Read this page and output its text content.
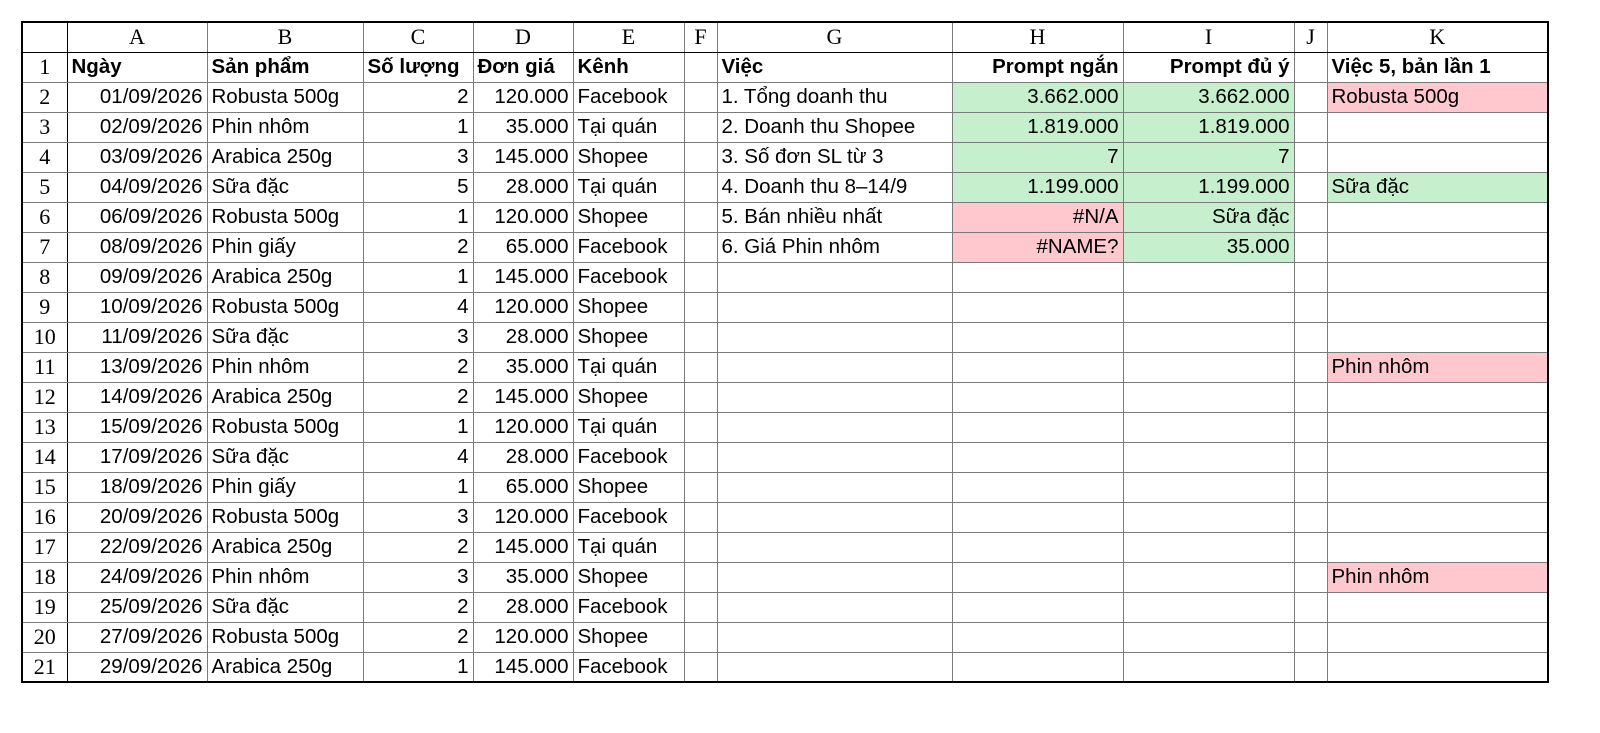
	A	B	C	D	E	F	G	H	I	J	K
1	Ngày	Sản phẩm	Số lượng	Đơn giá	Kênh		Việc	Prompt ngắn	Prompt đủ ý		Việc 5, bản lần 1
2	01/09/2026	Robusta 500g	2	120.000	Facebook		1. Tổng doanh thu	3.662.000	3.662.000		Robusta 500g
3	02/09/2026	Phin nhôm	1	35.000	Tại quán		2. Doanh thu Shopee	1.819.000	1.819.000		
4	03/09/2026	Arabica 250g	3	145.000	Shopee		3. Số đơn SL từ 3	7	7		
5	04/09/2026	Sữa đặc	5	28.000	Tại quán		4. Doanh thu 8–14/9	1.199.000	1.199.000		Sữa đặc
6	06/09/2026	Robusta 500g	1	120.000	Shopee		5. Bán nhiều nhất	#N/A	Sữa đặc		
7	08/09/2026	Phin giấy	2	65.000	Facebook		6. Giá Phin nhôm	#NAME?	35.000		
8	09/09/2026	Arabica 250g	1	145.000	Facebook						
9	10/09/2026	Robusta 500g	4	120.000	Shopee						
10	11/09/2026	Sữa đặc	3	28.000	Shopee						
11	13/09/2026	Phin nhôm	2	35.000	Tại quán						Phin nhôm
12	14/09/2026	Arabica 250g	2	145.000	Shopee						
13	15/09/2026	Robusta 500g	1	120.000	Tại quán						
14	17/09/2026	Sữa đặc	4	28.000	Facebook						
15	18/09/2026	Phin giấy	1	65.000	Shopee						
16	20/09/2026	Robusta 500g	3	120.000	Facebook						
17	22/09/2026	Arabica 250g	2	145.000	Tại quán						
18	24/09/2026	Phin nhôm	3	35.000	Shopee						Phin nhôm
19	25/09/2026	Sữa đặc	2	28.000	Facebook						
20	27/09/2026	Robusta 500g	2	120.000	Shopee						
21	29/09/2026	Arabica 250g	1	145.000	Facebook						
